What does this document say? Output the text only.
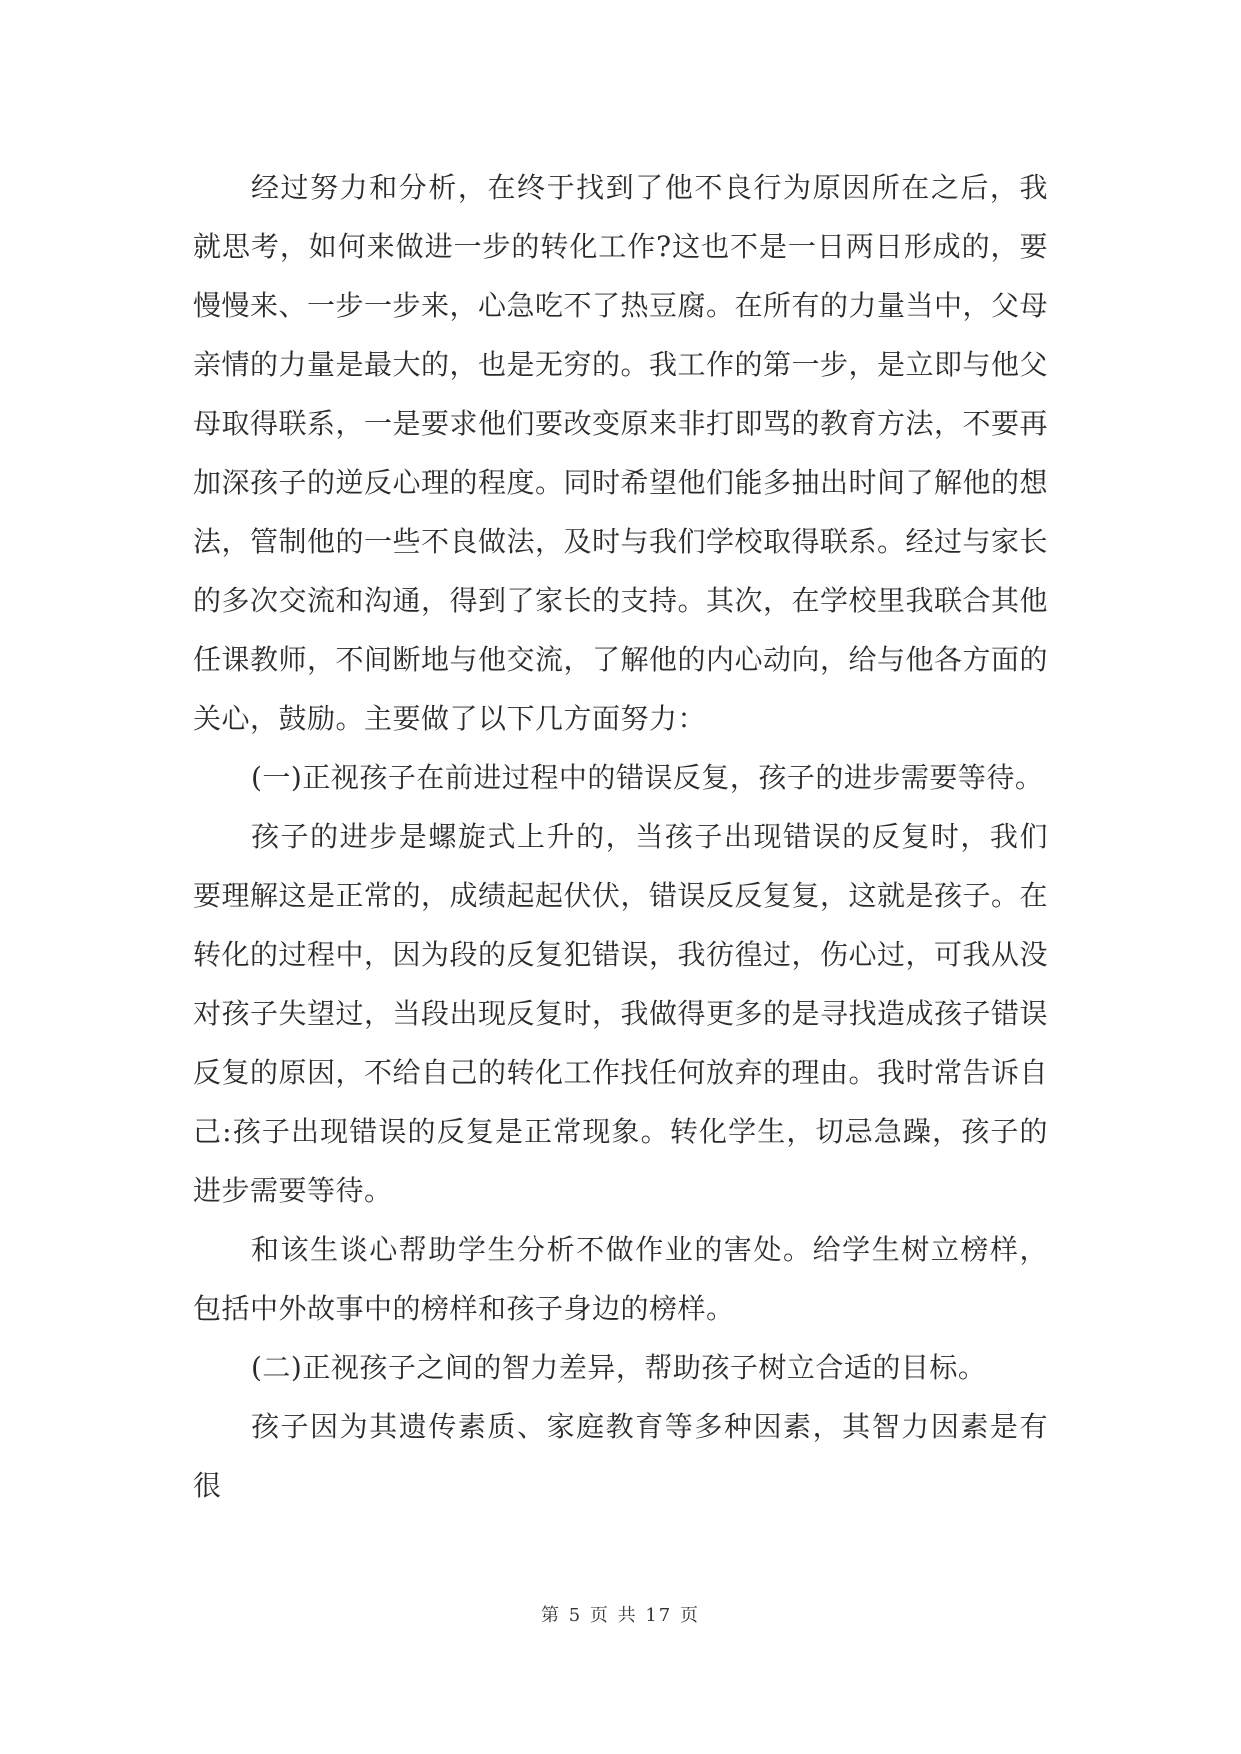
经过努力和分析，在终于找到了他不良行为原因所在之后，我就思考，如何来做进一步的转化工作?这也不是一日两日形成的，要慢慢来、一步一步来，心急吃不了热豆腐。在所有的力量当中，父母亲情的力量是最大的，也是无穷的。我工作的第一步，是立即与他父母取得联系，一是要求他们要改变原来非打即骂的教育方法，不要再加深孩子的逆反心理的程度。同时希望他们能多抽出时间了解他的想法，管制他的一些不良做法，及时与我们学校取得联系。经过与家长的多次交流和沟通，得到了家长的支持。其次，在学校里我联合其他任课教师，不间断地与他交流，了解他的内心动向，给与他各方面的关心，鼓励。主要做了以下几方面努力：

(一)正视孩子在前进过程中的错误反复，孩子的进步需要等待。

孩子的进步是螺旋式上升的，当孩子出现错误的反复时，我们要理解这是正常的，成绩起起伏伏，错误反反复复，这就是孩子。在转化的过程中，因为段的反复犯错误，我彷徨过，伤心过，可我从没对孩子失望过，当段出现反复时，我做得更多的是寻找造成孩子错误反复的原因，不给自己的转化工作找任何放弃的理由。我时常告诉自己:孩子出现错误的反复是正常现象。转化学生，切忌急躁，孩子的进步需要等待。

和该生谈心帮助学生分析不做作业的害处。给学生树立榜样，包括中外故事中的榜样和孩子身边的榜样。

(二)正视孩子之间的智力差异，帮助孩子树立合适的目标。

孩子因为其遗传素质、家庭教育等多种因素，其智力因素是有很

第 5 页 共 17 页
